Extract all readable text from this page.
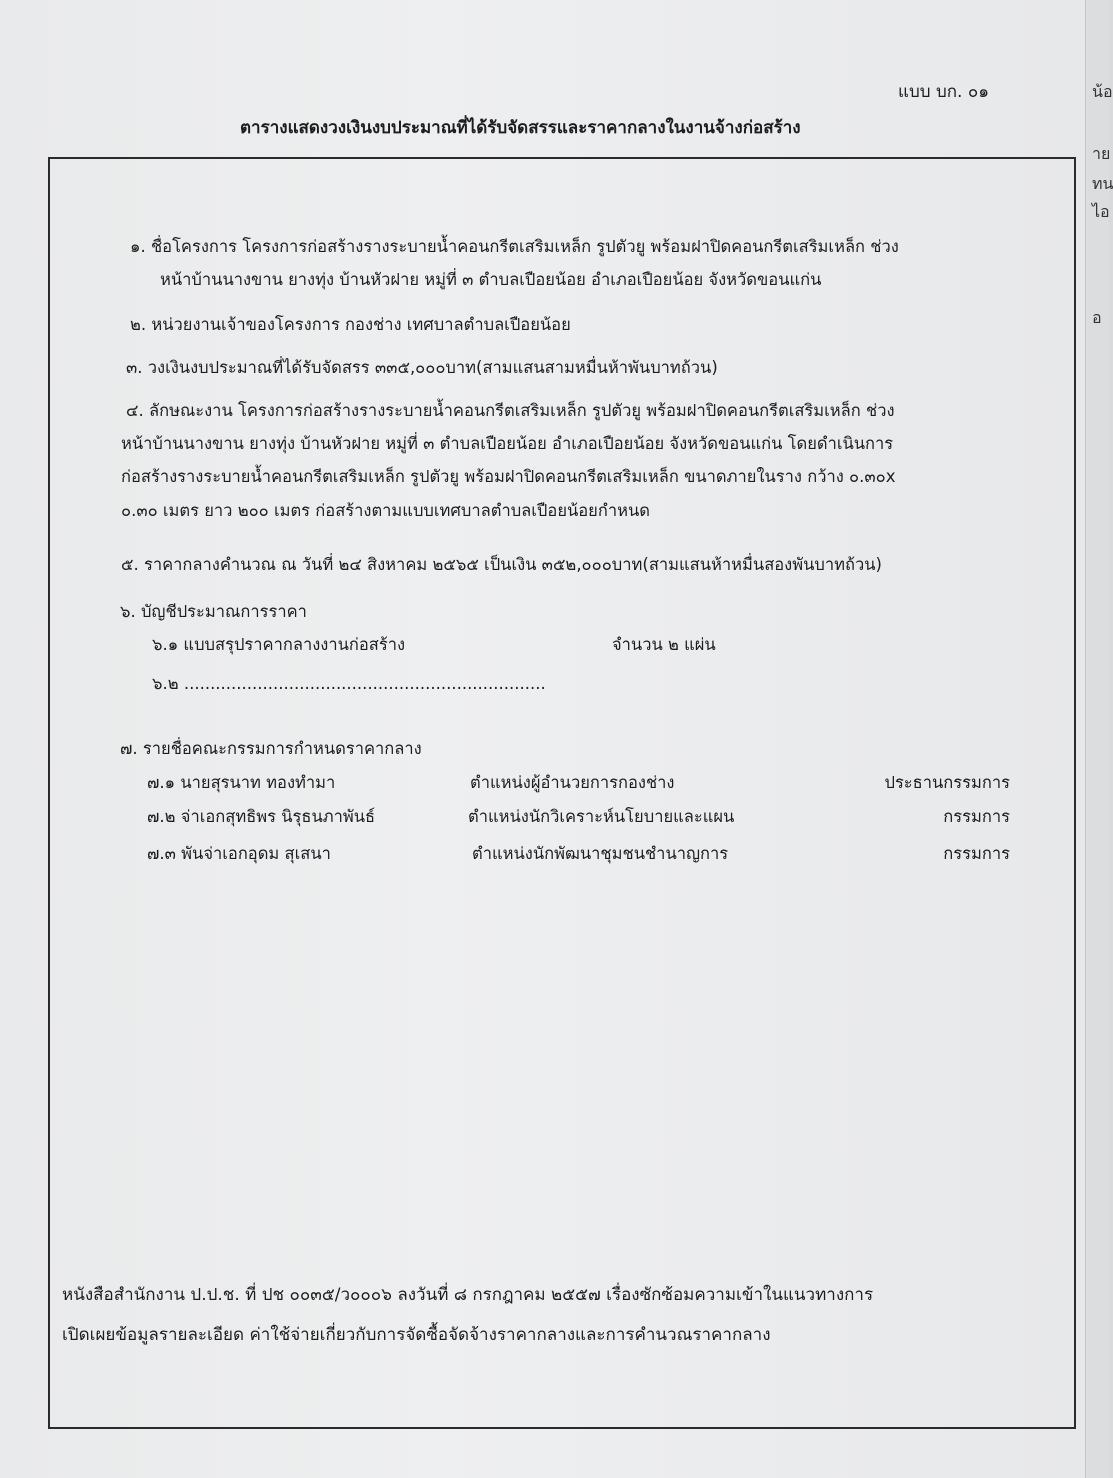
แบบ บก. ๐๑
ตารางแสดงวงเงินงบประมาณที่ได้รับจัดสรรและราคากลางในงานจ้างก่อสร้าง
๑. ชื่อโครงการ โครงการก่อสร้างรางระบายน้ำคอนกรีตเสริมเหล็ก รูปตัวยู พร้อมฝาปิดคอนกรีตเสริมเหล็ก ช่วง
หน้าบ้านนางขาน ยางทุ่ง บ้านหัวฝาย หมู่ที่ ๓ ตำบลเปือยน้อย อำเภอเปือยน้อย จังหวัดขอนแก่น
๒. หน่วยงานเจ้าของโครงการ กองช่าง เทศบาลตำบลเปือยน้อย
๓. วงเงินงบประมาณที่ได้รับจัดสรร ๓๓๕,๐๐๐บาท(สามแสนสามหมื่นห้าพันบาทถ้วน)
๔. ลักษณะงาน โครงการก่อสร้างรางระบายน้ำคอนกรีตเสริมเหล็ก รูปตัวยู พร้อมฝาปิดคอนกรีตเสริมเหล็ก ช่วง
หน้าบ้านนางขาน ยางทุ่ง บ้านหัวฝาย หมู่ที่ ๓ ตำบลเปือยน้อย อำเภอเปือยน้อย จังหวัดขอนแก่น โดยดำเนินการ
ก่อสร้างรางระบายน้ำคอนกรีตเสริมเหล็ก รูปตัวยู พร้อมฝาปิดคอนกรีตเสริมเหล็ก ขนาดภายในราง กว้าง ๐.๓๐x
๐.๓๐ เมตร ยาว ๒๐๐ เมตร ก่อสร้างตามแบบเทศบาลตำบลเปือยน้อยกำหนด
๕. ราคากลางคำนวณ ณ วันที่ ๒๔ สิงหาคม ๒๕๖๕ เป็นเงิน ๓๕๒,๐๐๐บาท(สามแสนห้าหมื่นสองพันบาทถ้วน)
๖. บัญชีประมาณการราคา
๖.๑ แบบสรุปราคากลางงานก่อสร้าง	จำนวน ๒ แผ่น
๖.๒ .....................................................................
๗. รายชื่อคณะกรรมการกำหนดราคากลาง
๗.๑ นายสุรนาท ทองทำมา	ตำแหน่งผู้อำนวยการกองช่าง	ประธานกรรมการ
๗.๒ จ่าเอกสุทธิพร นิรุธนภาพันธ์	ตำแหน่งนักวิเคราะห์นโยบายและแผน	กรรมการ
๗.๓ พันจ่าเอกอุดม สุเสนา	ตำแหน่งนักพัฒนาชุมชนชำนาญการ	กรรมการ
หนังสือสำนักงาน ป.ป.ช. ที่ ปช ๐๐๓๕/ว๐๐๐๖ ลงวันที่ ๘ กรกฎาคม ๒๕๕๗ เรื่องซักซ้อมความเข้าในแนวทางการ
เปิดเผยข้อมูลรายละเอียด ค่าใช้จ่ายเกี่ยวกับการจัดซื้อจัดจ้างราคากลางและการคำนวณราคากลาง
น้อ
าย
ทน
ไอ
อ
